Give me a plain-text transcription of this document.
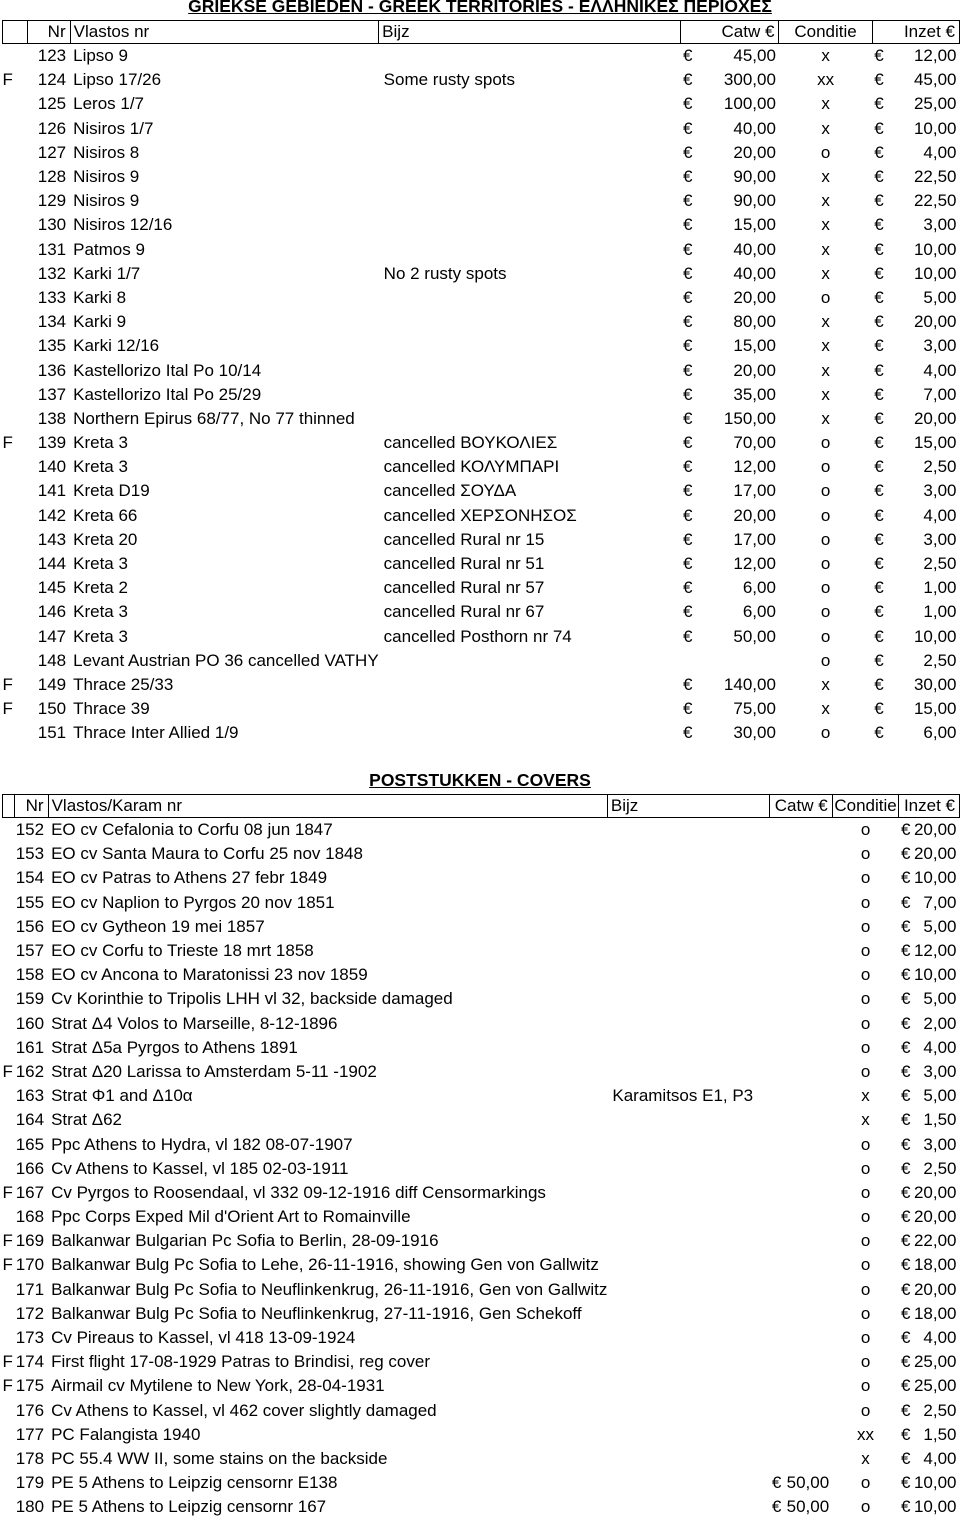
GRIEKSE GEBIEDEN - GREEK TERRITORIES - ΕΛΛΗΝΙΚΕΣ ΠΕΡΙΟΧΕΣ
	Nr	Vlastos nr	Bijz	Catw €	Conditie	Inzet €
	123	Lipso 9		€ 45,00	x	€ 12,00

F	124	Lipso 17/26	Some rusty spots	€ 300,00	xx	€ 45,00

	125	Leros 1/7		€ 100,00	x	€ 25,00

	126	Nisiros 1/7		€ 40,00	x	€ 10,00

	127	Nisiros 8		€ 20,00	o	€ 4,00

	128	Nisiros 9		€ 90,00	x	€ 22,50

	129	Nisiros 9		€ 90,00	x	€ 22,50

	130	Nisiros 12/16		€ 15,00	x	€ 3,00

	131	Patmos 9		€ 40,00	x	€ 10,00

	132	Karki 1/7	No 2 rusty spots	€ 40,00	x	€ 10,00

	133	Karki 8		€ 20,00	o	€ 5,00

	134	Karki 9		€ 80,00	x	€ 20,00

	135	Karki 12/16		€ 15,00	x	€ 3,00

	136	Kastellorizo Ital Po 10/14		€ 20,00	x	€ 4,00

	137	Kastellorizo Ital Po 25/29		€ 35,00	x	€ 7,00

	138	Northern Epirus 68/77, No 77 thinned		€ 150,00	x	€ 20,00

F	139	Kreta 3	cancelled ΒΟΥΚΟΛΙΕΣ	€ 70,00	o	€ 15,00

	140	Kreta 3	cancelled ΚΟΛΥΜΠΑΡΙ	€ 12,00	o	€ 2,50

	141	Kreta D19	cancelled ΣΟΥΔΑ	€ 17,00	o	€ 3,00

	142	Kreta 66	cancelled ΧΕΡΣΟΝΗΣΟΣ	€ 20,00	o	€ 4,00

	143	Kreta 20	cancelled Rural nr 15	€ 17,00	o	€ 3,00

	144	Kreta 3	cancelled Rural nr 51	€ 12,00	o	€ 2,50

	145	Kreta 2	cancelled Rural nr 57	€ 6,00	o	€ 1,00

	146	Kreta 3	cancelled Rural nr 67	€ 6,00	o	€ 1,00

	147	Kreta 3	cancelled Posthorn nr 74	€ 50,00	o	€ 10,00

	148	Levant Austrian PO 36 cancelled VATHY			o	€ 2,50

F	149	Thrace 25/33		€ 140,00	x	€ 30,00

F	150	Thrace 39		€ 75,00	x	€ 15,00

	151	Thrace Inter Allied 1/9		€ 30,00	o	€ 6,00
POSTSTUKKEN - COVERS
	Nr	Vlastos/Karam nr	Bijz	Catw €	Conditie	Inzet €
	152	EO cv Cefalonia to Corfu 08 jun 1847			o	€ 20,00

	153	EO cv Santa Maura to Corfu 25 nov 1848			o	€ 20,00

	154	EO cv Patras to Athens 27 febr 1849			o	€ 10,00

	155	EO cv Naplion to Pyrgos 20 nov 1851			o	€ 7,00

	156	EO cv Gytheon 19 mei 1857			o	€ 5,00

	157	EO cv Corfu to Trieste 18 mrt 1858			o	€ 12,00

	158	EO cv Ancona to Maratonissi 23 nov 1859			o	€ 10,00

	159	Cv Korinthie to Tripolis LHH vl 32, backside damaged			o	€ 5,00

	160	Strat Δ4 Volos to Marseille, 8-12-1896			o	€ 2,00

	161	Strat Δ5a Pyrgos to Athens 1891			o	€ 4,00

F	162	Strat Δ20 Larissa to Amsterdam 5-11 -1902			o	€ 3,00

	163	Strat Φ1 and Δ10α	Karamitsos E1, P3		x	€ 5,00

	164	Strat Δ62			x	€ 1,50

	165	Ppc Athens to Hydra, vl 182 08-07-1907			o	€ 3,00

	166	Cv Athens to Kassel, vl 185 02-03-1911			o	€ 2,50

F	167	Cv Pyrgos to Roosendaal, vl 332 09-12-1916 diff Censormarkings			o	€ 20,00

	168	Ppc Corps Exped Mil d'Orient Art to Romainville			o	€ 20,00

F	169	Balkanwar Bulgarian Pc Sofia to Berlin, 28-09-1916			o	€ 22,00

F	170	Balkanwar Bulg Pc Sofia to Lehe, 26-11-1916, showing Gen von Gallwitz			o	€ 18,00

	171	Balkanwar Bulg Pc Sofia to Neuflinkenkrug, 26-11-1916, Gen von Gallwitz			o	€ 20,00

	172	Balkanwar Bulg Pc Sofia to Neuflinkenkrug, 27-11-1916, Gen Schekoff			o	€ 18,00

	173	Cv Pireaus to Kassel, vl 418 13-09-1924			o	€ 4,00

F	174	First flight 17-08-1929 Patras to Brindisi, reg cover			o	€ 25,00

F	175	Airmail cv Mytilene to New York, 28-04-1931			o	€ 25,00

	176	Cv Athens to Kassel, vl 462 cover slightly damaged			o	€ 2,50

	177	PC Falangista 1940			xx	€ 1,50

	178	PC 55.4 WW II, some stains on the backside			x	€ 4,00

	179	PE 5 Athens to Leipzig censornr E138		€ 50,00	o	€ 10,00

	180	PE 5 Athens to Leipzig censornr 167		€ 50,00	o	€ 10,00
